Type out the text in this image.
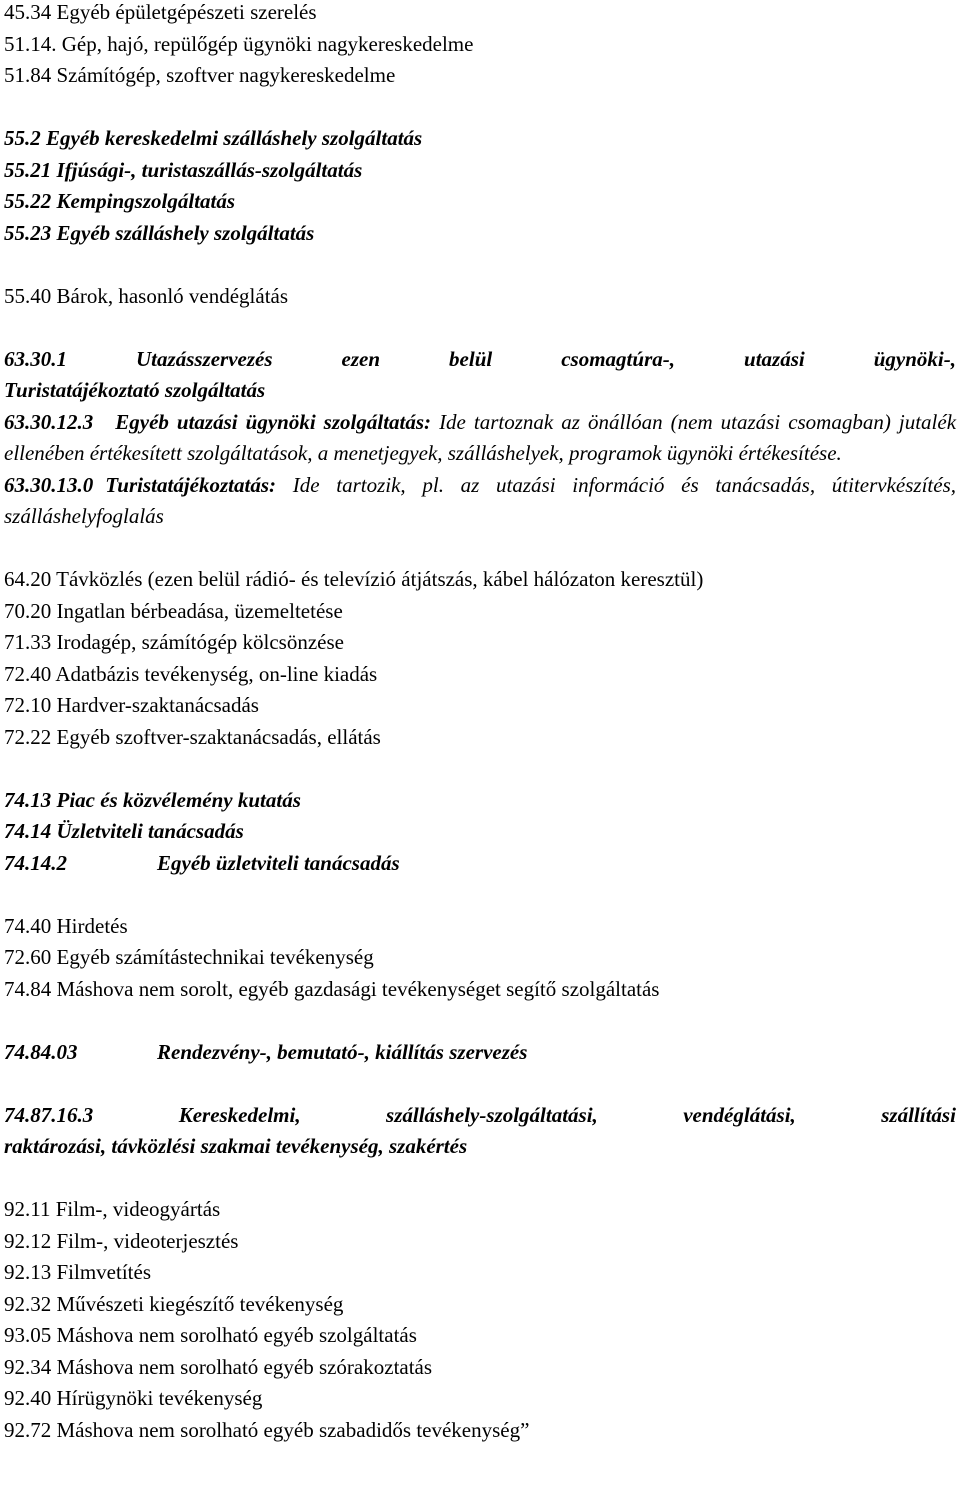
45.34 Egyéb épületgépészeti szerelés
51.14. Gép, hajó, repülőgép ügynöki nagykereskedelme
51.84 Számítógép, szoftver nagykereskedelme
55.2 Egyéb kereskedelmi szálláshely szolgáltatás
55.21 Ifjúsági-, turistaszállás-szolgáltatás
55.22 Kempingszolgáltatás
55.23 Egyéb szálláshely szolgáltatás
55.40 Bárok, hasonló vendéglátás
63.30.1	Utazásszervezés	ezen	belül	csomagtúra-,	utazási	ügynöki-,
Turistatájékoztató szolgáltatás
63.30.12.3 Egyéb utazási ügynöki szolgáltatás: Ide tartoznak az önállóan (nem utazási csomagban) jutalék ellenében értékesített szolgáltatások, a menetjegyek, szálláshelyek, programok ügynöki értékesítése.
63.30.13.0 Turistatájékoztatás: Ide tartozik, pl. az utazási információ és tanácsadás, útitervkészítés, szálláshelyfoglalás
64.20 Távközlés (ezen belül rádió- és televízió átjátszás, kábel hálózaton keresztül)
70.20 Ingatlan bérbeadása, üzemeltetése
71.33 Irodagép, számítógép kölcsönzése
72.40 Adatbázis tevékenység, on-line kiadás
72.10 Hardver-szaktanácsadás
72.22 Egyéb szoftver-szaktanácsadás, ellátás
74.13 Piac és közvélemény kutatás
74.14 Üzletviteli tanácsadás
74.14.2	Egyéb üzletviteli tanácsadás
74.40 Hirdetés
72.60 Egyéb számítástechnikai tevékenység
74.84 Máshova nem sorolt, egyéb gazdasági tevékenységet segítő szolgáltatás
74.84.03	Rendezvény-, bemutató-, kiállítás szervezés
74.87.16.3	Kereskedelmi,	szálláshely-szolgáltatási,	vendéglátási,	szállítási
raktározási, távközlési szakmai tevékenység, szakértés
92.11 Film-, videogyártás
92.12 Film-, videoterjesztés
92.13 Filmvetítés
92.32 Művészeti kiegészítő tevékenység
93.05 Máshova nem sorolható egyéb szolgáltatás
92.34 Máshova nem sorolható egyéb szórakoztatás
92.40 Hírügynöki tevékenység
92.72 Máshova nem sorolható egyéb szabadidős tevékenység”
